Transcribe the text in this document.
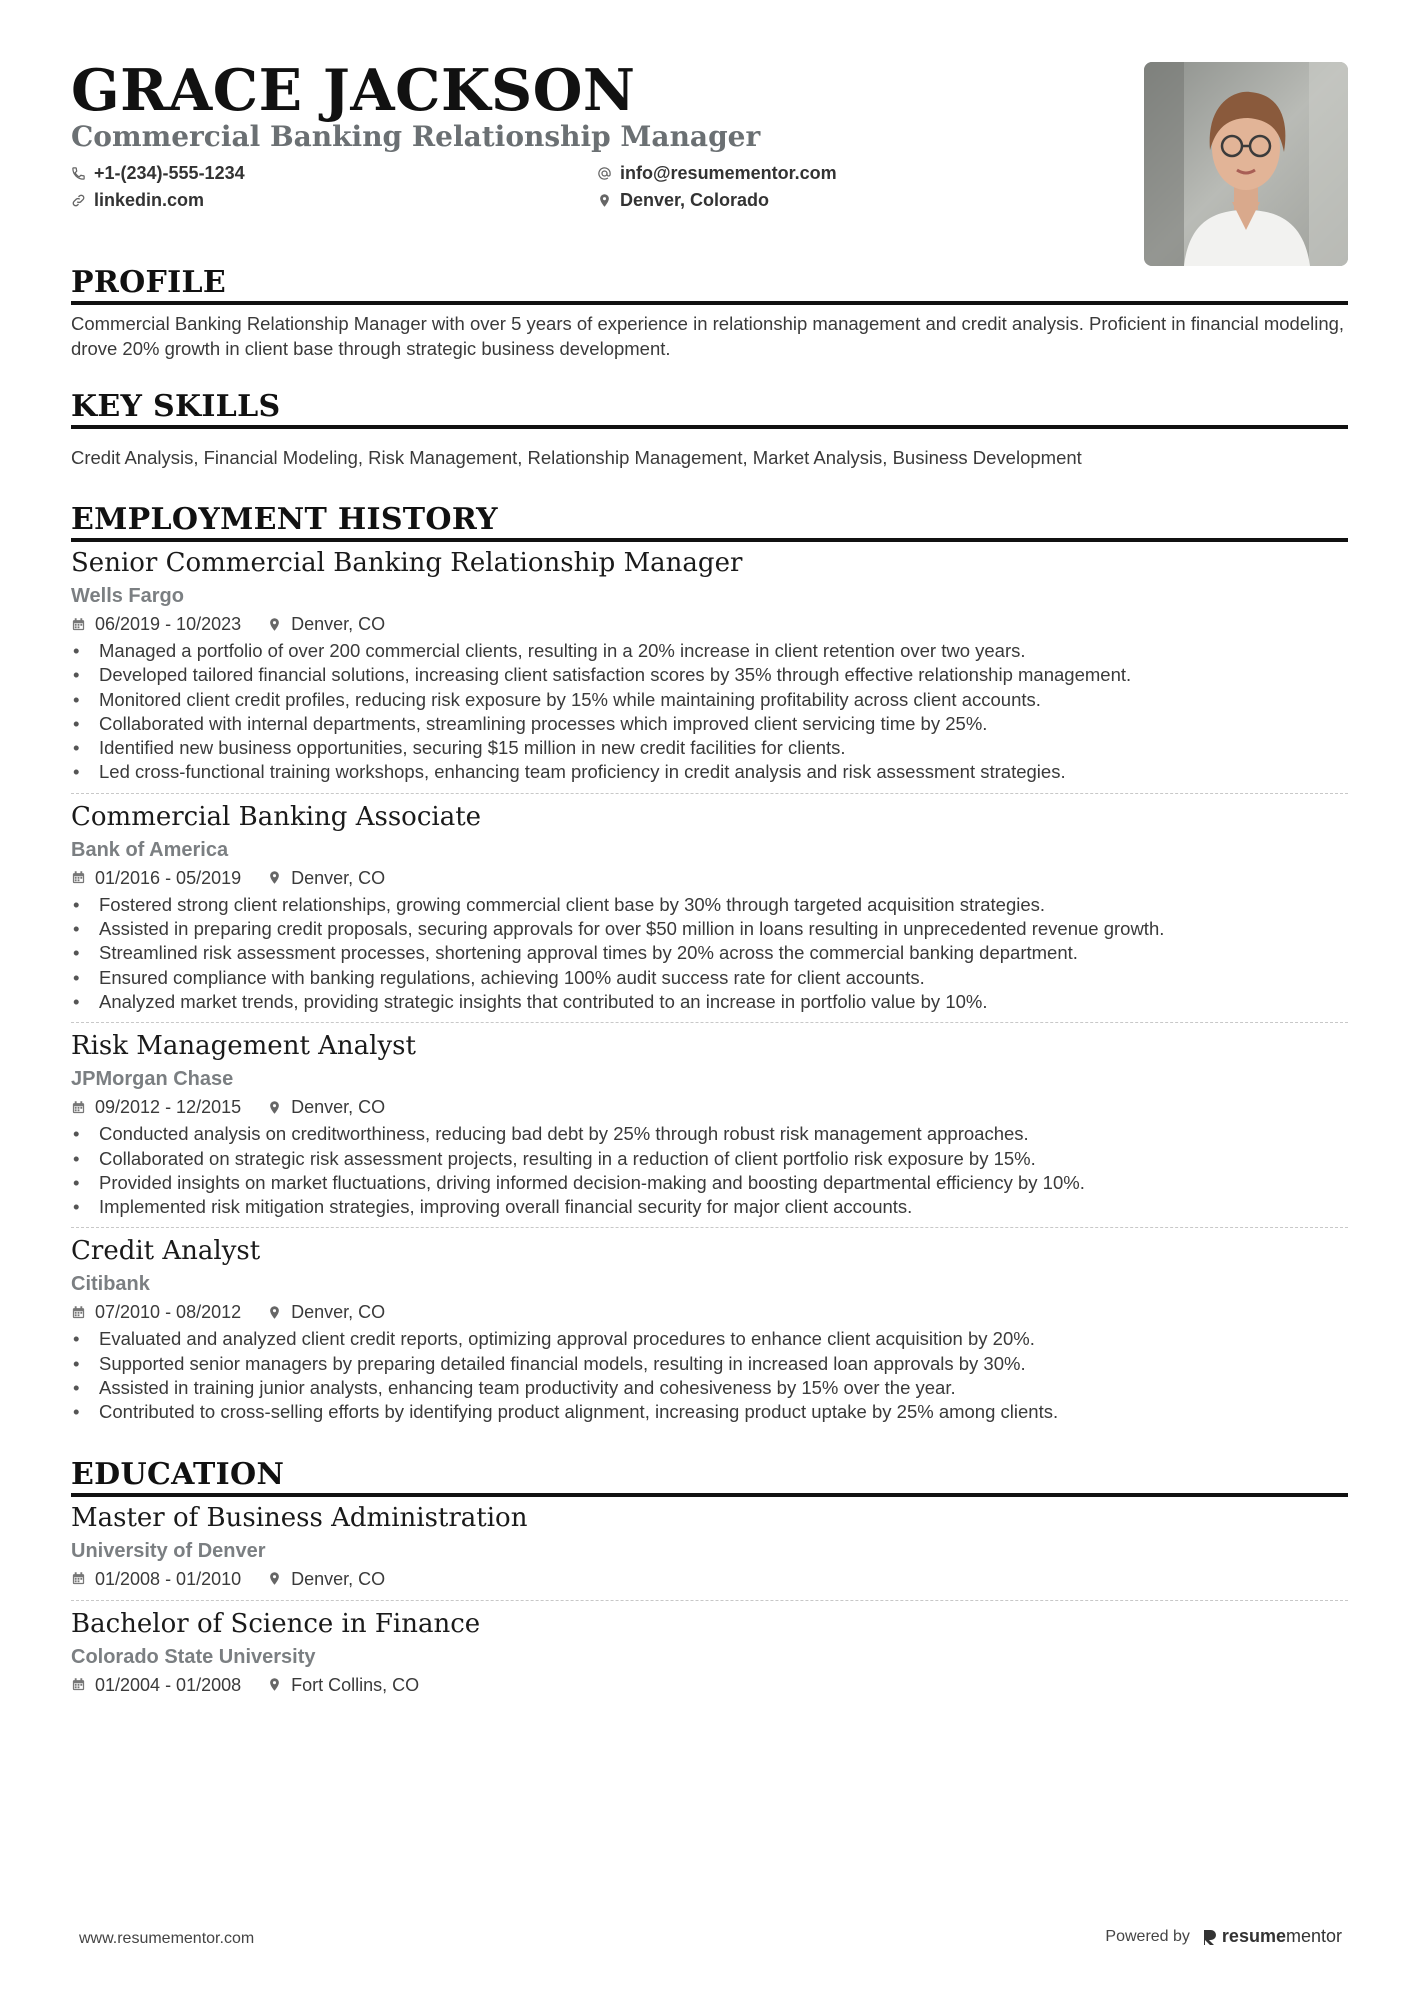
GRACE JACKSON
Commercial Banking Relationship Manager
+1-(234)-555-1234	info@resumementor.com
linkedin.com	Denver, Colorado
PROFILE
Commercial Banking Relationship Manager with over 5 years of experience in relationship management and credit analysis. Proficient in financial modeling, drove 20% growth in client base through strategic business development.
KEY SKILLS
Credit Analysis, Financial Modeling, Risk Management, Relationship Management, Market Analysis, Business Development
EMPLOYMENT HISTORY
Senior Commercial Banking Relationship Manager
Wells Fargo
06/2019 - 10/2023	Denver, CO
• Managed a portfolio of over 200 commercial clients, resulting in a 20% increase in client retention over two years.
• Developed tailored financial solutions, increasing client satisfaction scores by 35% through effective relationship management.
• Monitored client credit profiles, reducing risk exposure by 15% while maintaining profitability across client accounts.
• Collaborated with internal departments, streamlining processes which improved client servicing time by 25%.
• Identified new business opportunities, securing $15 million in new credit facilities for clients.
• Led cross-functional training workshops, enhancing team proficiency in credit analysis and risk assessment strategies.
Commercial Banking Associate
Bank of America
01/2016 - 05/2019	Denver, CO
• Fostered strong client relationships, growing commercial client base by 30% through targeted acquisition strategies.
• Assisted in preparing credit proposals, securing approvals for over $50 million in loans resulting in unprecedented revenue growth.
• Streamlined risk assessment processes, shortening approval times by 20% across the commercial banking department.
• Ensured compliance with banking regulations, achieving 100% audit success rate for client accounts.
• Analyzed market trends, providing strategic insights that contributed to an increase in portfolio value by 10%.
Risk Management Analyst
JPMorgan Chase
09/2012 - 12/2015	Denver, CO
• Conducted analysis on creditworthiness, reducing bad debt by 25% through robust risk management approaches.
• Collaborated on strategic risk assessment projects, resulting in a reduction of client portfolio risk exposure by 15%.
• Provided insights on market fluctuations, driving informed decision-making and boosting departmental efficiency by 10%.
• Implemented risk mitigation strategies, improving overall financial security for major client accounts.
Credit Analyst
Citibank
07/2010 - 08/2012	Denver, CO
• Evaluated and analyzed client credit reports, optimizing approval procedures to enhance client acquisition by 20%.
• Supported senior managers by preparing detailed financial models, resulting in increased loan approvals by 30%.
• Assisted in training junior analysts, enhancing team productivity and cohesiveness by 15% over the year.
• Contributed to cross-selling efforts by identifying product alignment, increasing product uptake by 25% among clients.
EDUCATION
Master of Business Administration
University of Denver
01/2008 - 01/2010	Denver, CO
Bachelor of Science in Finance
Colorado State University
01/2004 - 01/2008	Fort Collins, CO
www.resumementor.com	Powered by resumementor
